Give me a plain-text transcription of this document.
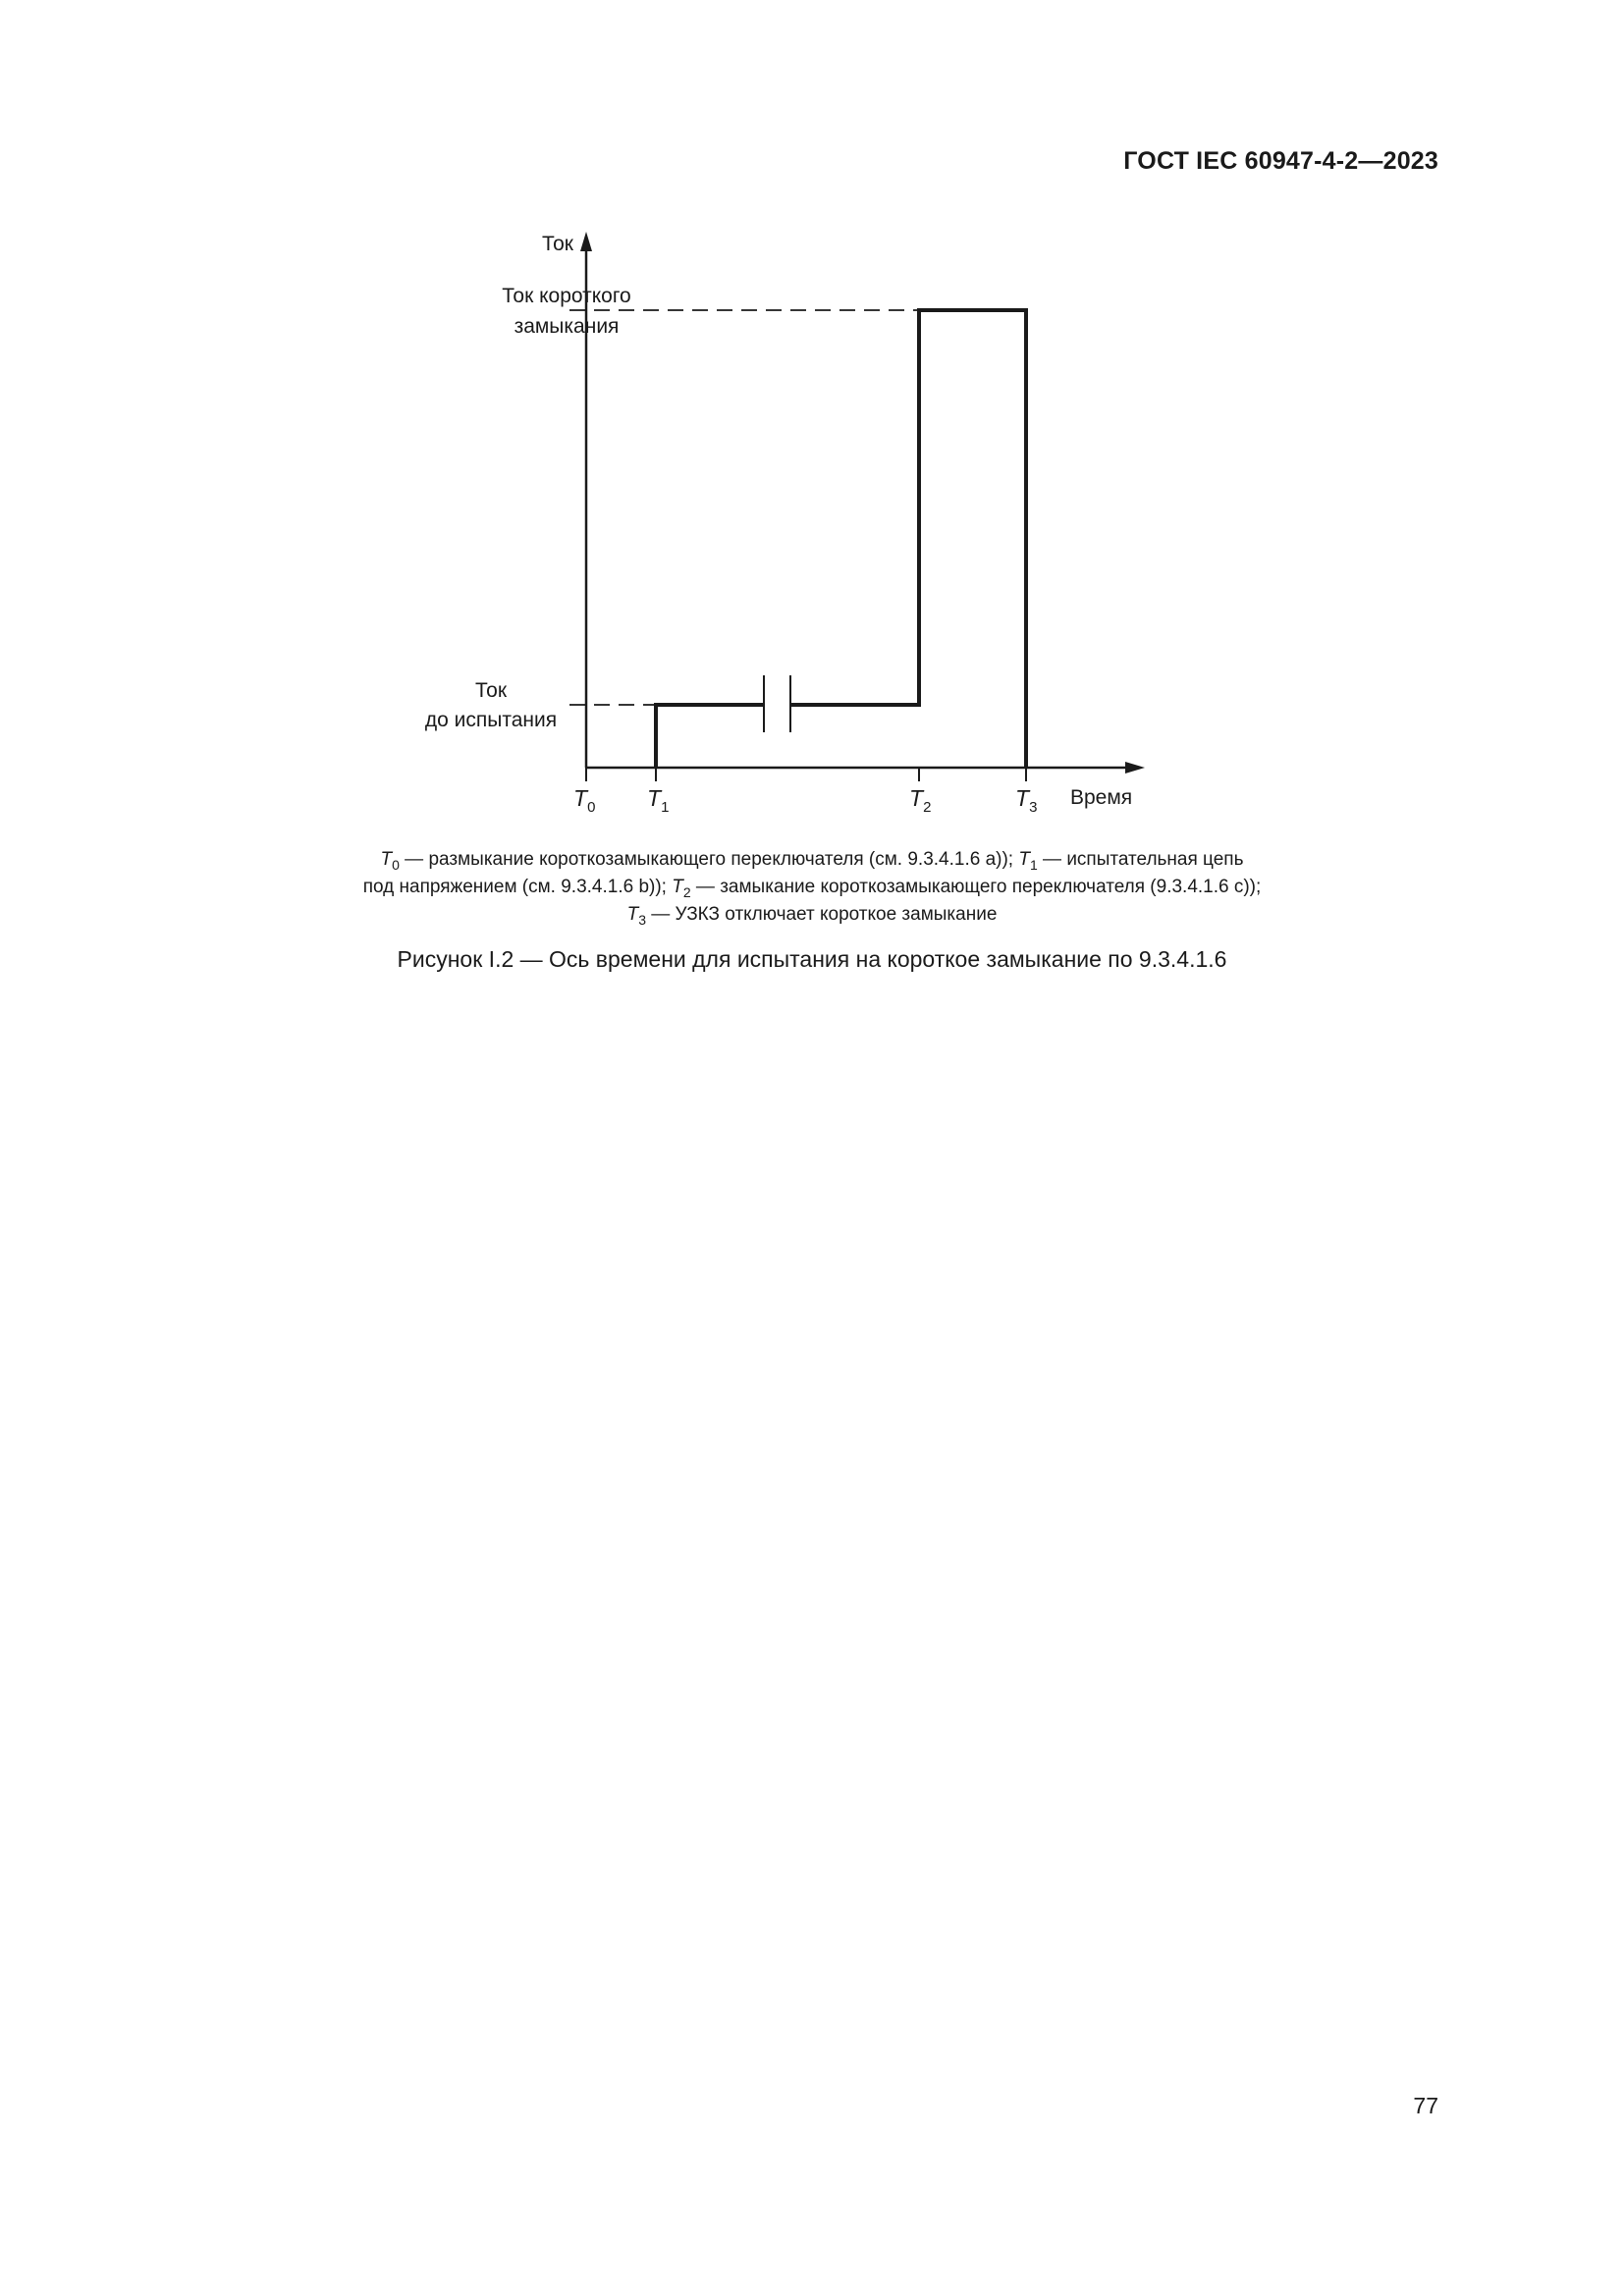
ГОСТ IEC 60947-4-2—2023
Ток
Ток короткого
замыкания
Ток
до испытания
Время
$T_0$ $T_1$	$T_2$	$T_3$
$T_0$ — размыкание короткозамыкающего переключателя (см. 9.3.4.1.6 а)); $T_1$ — испытательная цепь
под напряжением (см. 9.3.4.1.6 b)); $T_2$ — замыкание короткозамыкающего переключателя (9.3.4.1.6 с));
$T_3$ — УЗКЗ отключает короткое замыкание
Рисунок I.2 — Ось времени для испытания на короткое замыкание по 9.3.4.1.6
77
